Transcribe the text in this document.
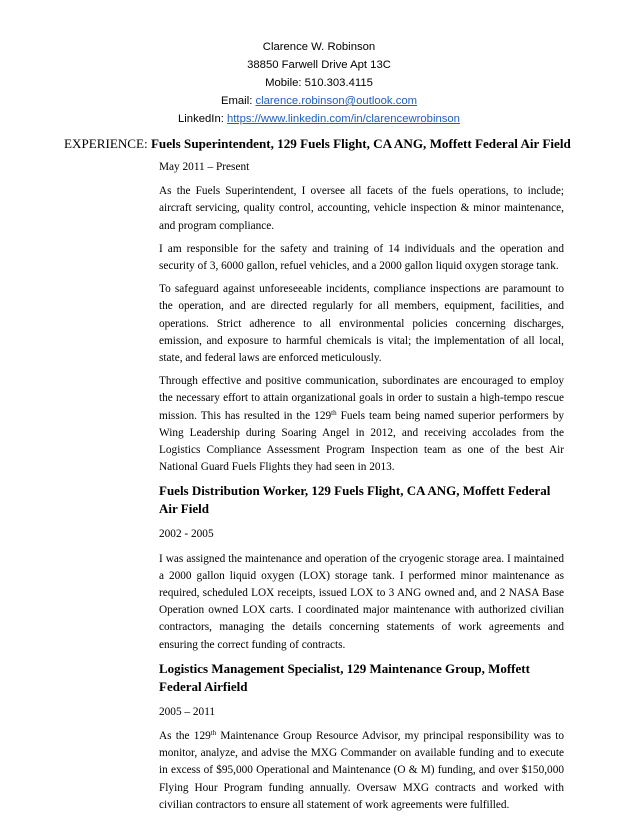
Clarence W. Robinson
38850 Farwell Drive Apt 13C
Mobile: 510.303.4115
Email: clarence.robinson@outlook.com
LinkedIn: https://www.linkedin.com/in/clarencewrobinson
EXPERIENCE: Fuels Superintendent, 129 Fuels Flight, CA ANG, Moffett Federal Air Field

May 2011 – Present

As the Fuels Superintendent, I oversee all facets of the fuels operations, to include; aircraft servicing, quality control, accounting, vehicle inspection & minor maintenance, and program compliance.

I am responsible for the safety and training of 14 individuals and the operation and security of 3, 6000 gallon, refuel vehicles, and a 2000 gallon liquid oxygen storage tank.

To safeguard against unforeseeable incidents, compliance inspections are paramount to the operation, and are directed regularly for all members, equipment, facilities, and operations. Strict adherence to all environmental policies concerning discharges, emission, and exposure to harmful chemicals is vital; the implementation of all local, state, and federal laws are enforced meticulously.

Through effective and positive communication, subordinates are encouraged to employ the necessary effort to attain organizational goals in order to sustain a high-tempo rescue mission. This has resulted in the 129th Fuels team being named superior performers by Wing Leadership during Soaring Angel in 2012, and receiving accolades from the Logistics Compliance Assessment Program Inspection team as one of the best Air National Guard Fuels Flights they had seen in 2013.

Fuels Distribution Worker, 129 Fuels Flight, CA ANG, Moffett Federal Air Field

2002 - 2005

I was assigned the maintenance and operation of the cryogenic storage area. I maintained a 2000 gallon liquid oxygen (LOX) storage tank. I performed minor maintenance as required, scheduled LOX receipts, issued LOX to 3 ANG owned and, and 2 NASA Base Operation owned LOX carts. I coordinated major maintenance with authorized civilian contractors, managing the details concerning statements of work agreements and ensuring the correct funding of contracts.

Logistics Management Specialist, 129 Maintenance Group, Moffett Federal Airfield

2005 – 2011

As the 129th Maintenance Group Resource Advisor, my principal responsibility was to monitor, analyze, and advise the MXG Commander on available funding and to execute in excess of $95,000 Operational and Maintenance (O & M) funding, and over $150,000 Flying Hour Program funding annually. Oversaw MXG contracts and worked with civilian contractors to ensure all statement of work agreements were fulfilled.
